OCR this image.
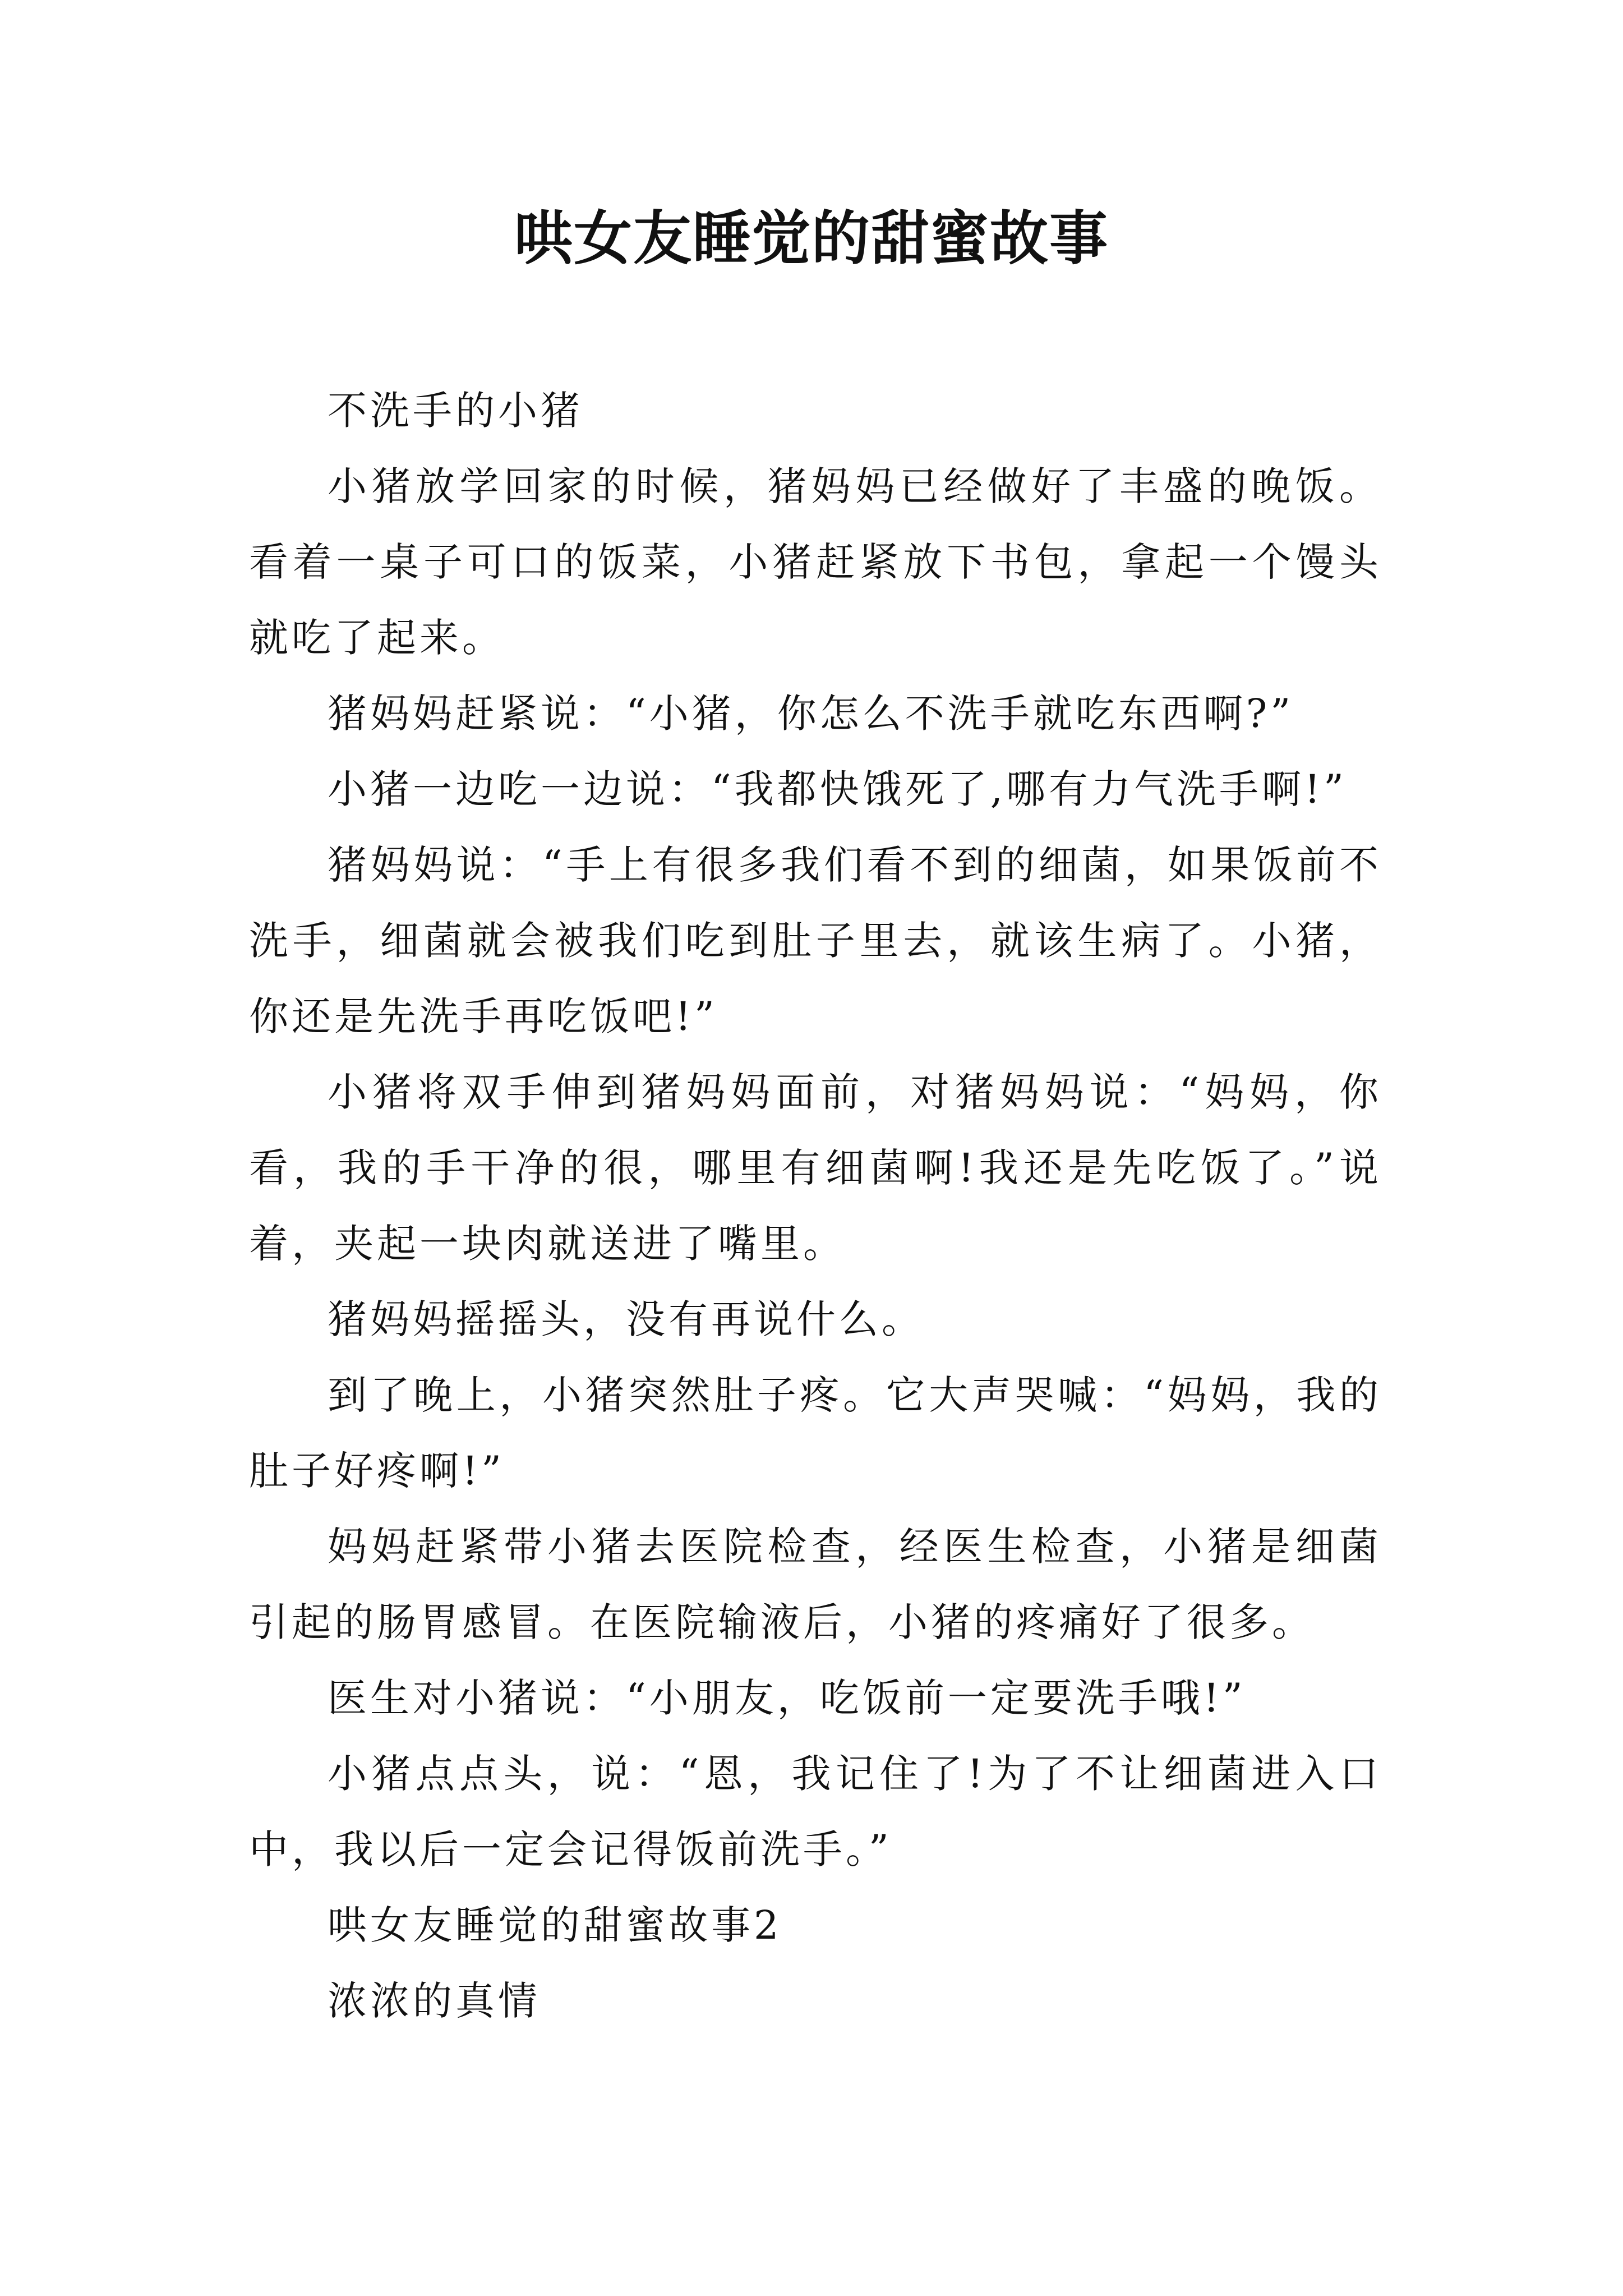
哄女友睡觉的甜蜜故事

不洗手的小猪

小猪放学回家的时候，猪妈妈已经做好了丰盛的晚饭。看着一桌子可口的饭菜，小猪赶紧放下书包，拿起一个馒头就吃了起来。

猪妈妈赶紧说：“小猪，你怎么不洗手就吃东西啊?”

小猪一边吃一边说：“我都快饿死了,哪有力气洗手啊!”

猪妈妈说：“手上有很多我们看不到的细菌，如果饭前不洗手，细菌就会被我们吃到肚子里去，就该生病了。小猪，你还是先洗手再吃饭吧!”

小猪将双手伸到猪妈妈面前，对猪妈妈说：“妈妈，你看，我的手干净的很，哪里有细菌啊!我还是先吃饭了。”说着，夹起一块肉就送进了嘴里。

猪妈妈摇摇头，没有再说什么。

到了晚上，小猪突然肚子疼。它大声哭喊：“妈妈，我的肚子好疼啊!”

妈妈赶紧带小猪去医院检查，经医生检查，小猪是细菌引起的肠胃感冒。在医院输液后，小猪的疼痛好了很多。

医生对小猪说：“小朋友，吃饭前一定要洗手哦!”

小猪点点头，说：“恩，我记住了!为了不让细菌进入口中，我以后一定会记得饭前洗手。”

哄女友睡觉的甜蜜故事2

浓浓的真情
